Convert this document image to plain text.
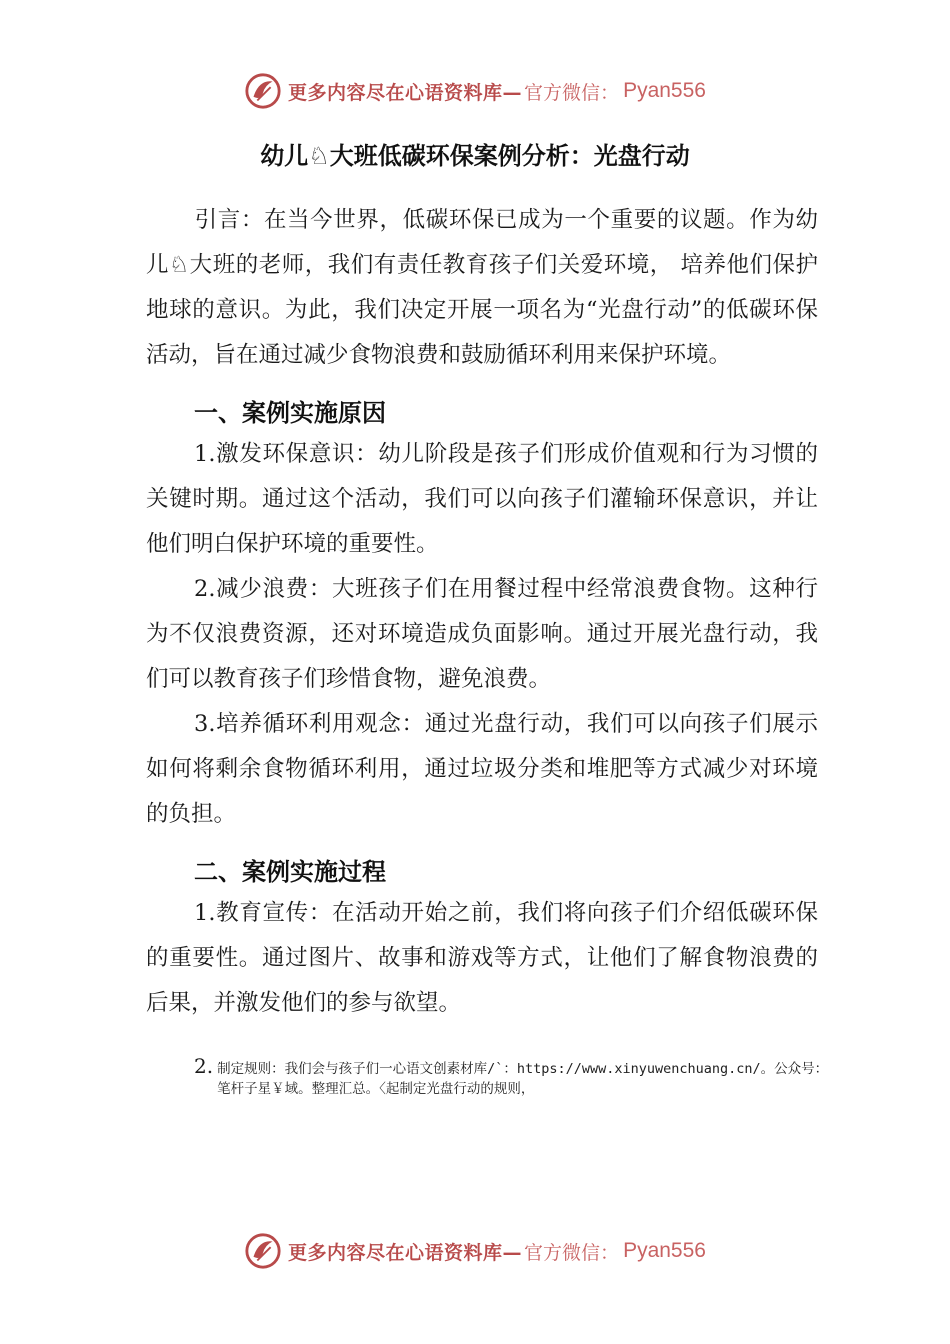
更多内容尽在心语资料库— 官方微信： Pyan556
幼儿♘大班低碳环保案例分析：光盘行动

引言：在当今世界，低碳环保已成为一个重要的议题。作为幼儿♘大班的老师，我们有责任教育孩子们关爱环境， 培养他们保护地球的意识。为此，我们决定开展一项名为“光盘行动”的低碳环保活动，旨在通过减少食物浪费和鼓励循环利用来保护环境。

一、案例实施原因

1.激发环保意识：幼儿阶段是孩子们形成价值观和行为习惯的关键时期。通过这个活动，我们可以向孩子们灌输环保意识，并让他们明白保护环境的重要性。

2.减少浪费：大班孩子们在用餐过程中经常浪费食物。这种行为不仅浪费资源，还对环境造成负面影响。通过开展光盘行动，我们可以教育孩子们珍惜食物，避免浪费。

3.培养循环利用观念：通过光盘行动，我们可以向孩子们展示如何将剩余食物循环利用，通过垃圾分类和堆肥等方式减少对环境的负担。

二、案例实施过程

1.教育宣传：在活动开始之前，我们将向孩子们介绍低碳环保的重要性。通过图片、故事和游戏等方式，让他们了解食物浪费的后果，并激发他们的参与欲望。

2. 制定规则：我们会与孩子们一心语文创素材库/`：https://www.xinyuwenchuang.cn/。公众号：笔杆子星￥域。整理汇总。〈起制定光盘行动的规则，
更多内容尽在心语资料库— 官方微信： Pyan556
